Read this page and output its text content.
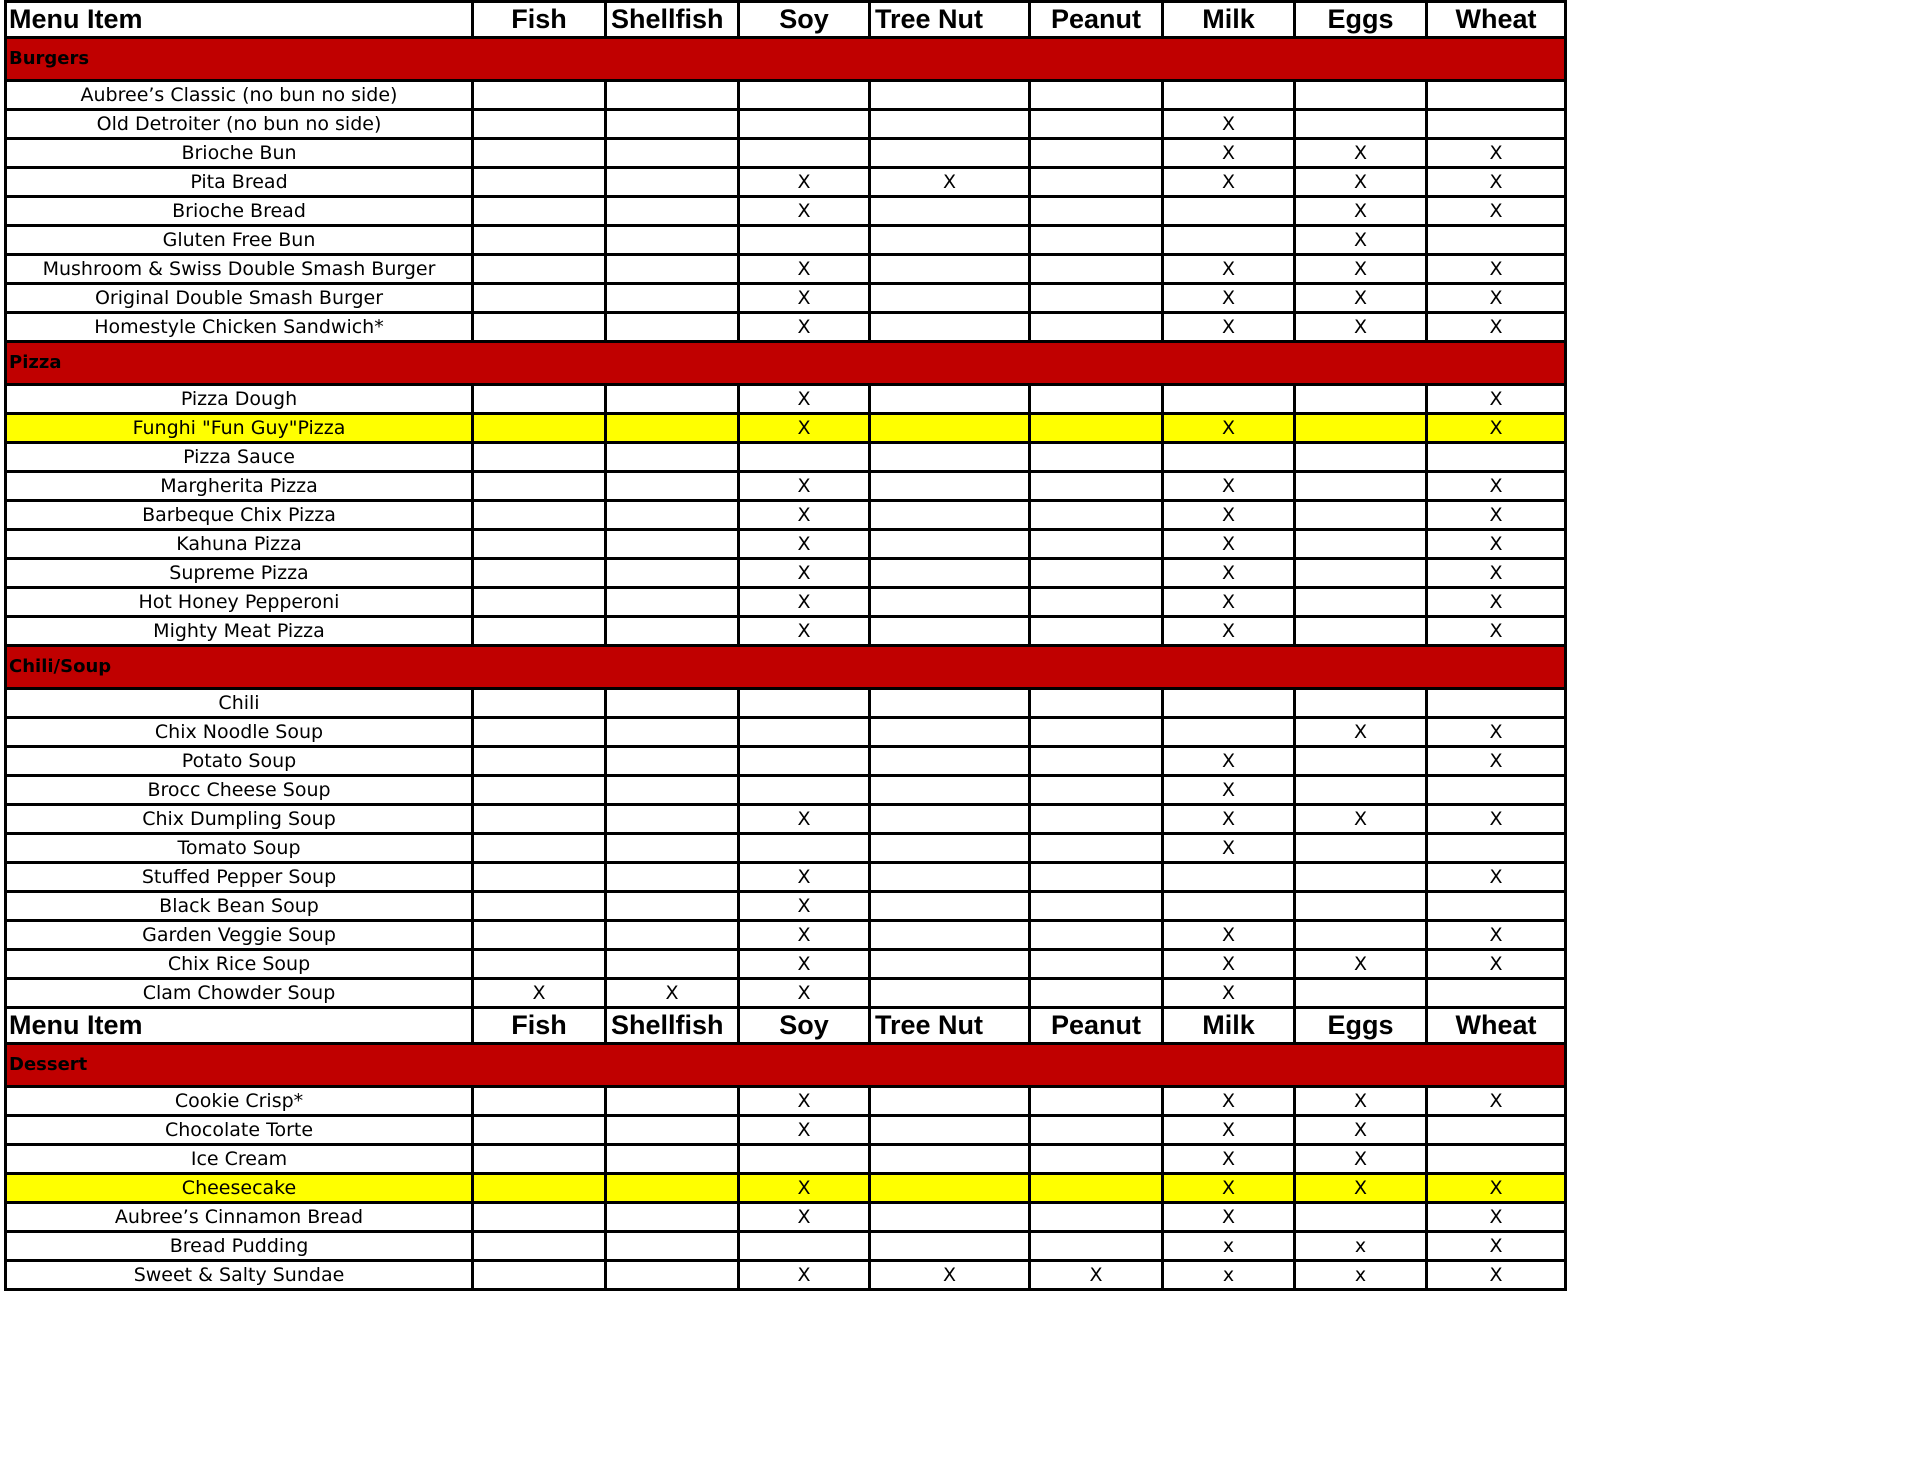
Menu Item	Fish	Shellfish	Soy	Tree Nut	Peanut	Milk	Eggs	Wheat
Burgers								
Aubree’s Classic (no bun no side)								
Old Detroiter (no bun no side)						X		
Brioche Bun						X	X	X
Pita Bread			X	X		X	X	X
Brioche Bread			X				X	X
Gluten Free Bun							X	
Mushroom & Swiss Double Smash Burger			X			X	X	X
Original Double Smash Burger			X			X	X	X
Homestyle Chicken Sandwich*			X			X	X	X
Pizza								
Pizza Dough			X					X
Funghi "Fun Guy"Pizza			X			X		X
Pizza Sauce								
Margherita Pizza			X			X		X
Barbeque Chix Pizza			X			X		X
Kahuna Pizza			X			X		X
Supreme Pizza			X			X		X
Hot Honey Pepperoni			X			X		X
Mighty Meat Pizza			X			X		X
Chili/Soup								
Chili								
Chix Noodle Soup							X	X
Potato Soup						X		X
Brocc Cheese Soup						X		
Chix Dumpling Soup			X			X	X	X
Tomato Soup						X		
Stuffed Pepper Soup			X					X
Black Bean Soup			X					
Garden Veggie Soup			X			X		X
Chix Rice Soup			X			X	X	X
Clam Chowder Soup	X	X	X			X		
Menu Item	Fish	Shellfish	Soy	Tree Nut	Peanut	Milk	Eggs	Wheat
Dessert								
Cookie Crisp*			X			X	X	X
Chocolate Torte			X			X	X	
Ice Cream						X	X	
Cheesecake			X			X	X	X
Aubree’s Cinnamon Bread			X			X		X
Bread Pudding						x	x	X
Sweet & Salty Sundae			X	X	X	x	x	X
